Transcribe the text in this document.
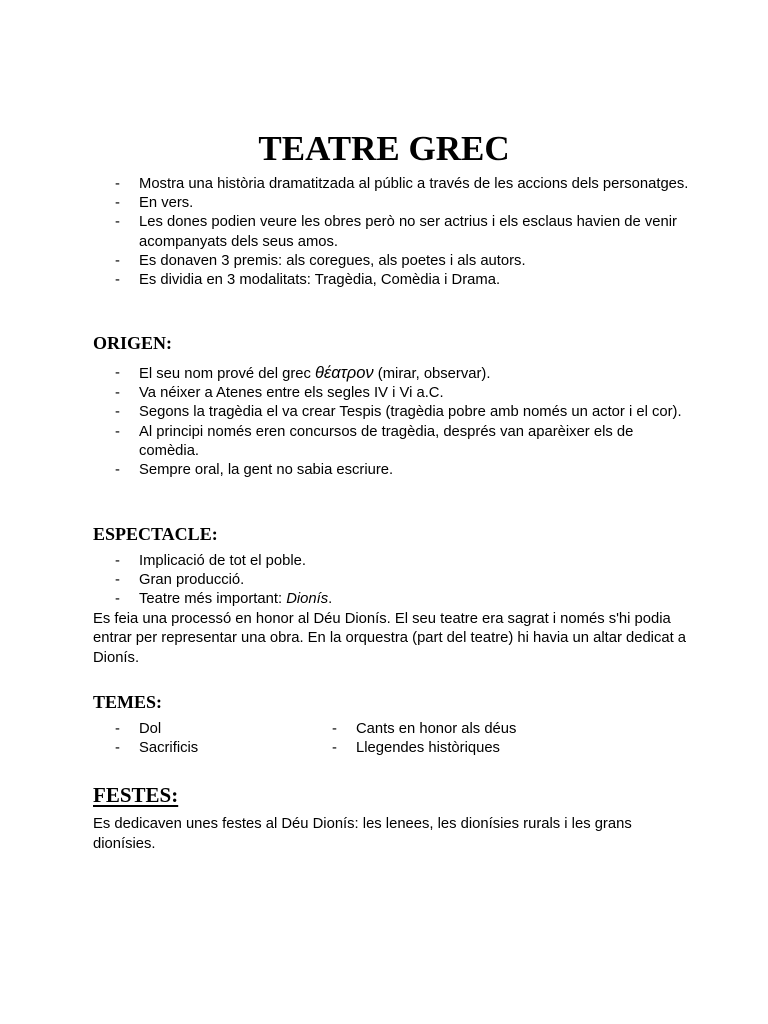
TEATRE GREC
- Mostra una història dramatitzada al públic a través de les accions dels personatges.
- En vers.
- Les dones podien veure les obres però no ser actrius i els esclaus havien de venir acompanyats dels seus amos.
- Es donaven 3 premis: als coregues, als poetes i als autors.
- Es dividia en 3 modalitats: Tragèdia, Comèdia i Drama.
ORIGEN:
- El seu nom prové del grec θέατρον (mirar, observar).
- Va néixer a Atenes entre els segles IV i Vi a.C.
- Segons la tragèdia el va crear Tespis (tragèdia pobre amb només un actor i el cor).
- Al principi només eren concursos de tragèdia, després van aparèixer els de comèdia.
- Sempre oral, la gent no sabia escriure.
ESPECTACLE:
- Implicació de tot el poble.
- Gran producció.
- Teatre més important: Dionís.
Es feia una processó en honor al Déu Dionís. El seu teatre era sagrat i només s'hi podia entrar per representar una obra. En la orquestra (part del teatre) hi havia un altar dedicat a Dionís.
TEMES:
- Dol
- Sacrificis
- Cants en honor als déus
- Llegendes històriques
FESTES:
Es dedicaven unes festes al Déu Dionís: les lenees, les dionísies rurals i les grans dionísies.
